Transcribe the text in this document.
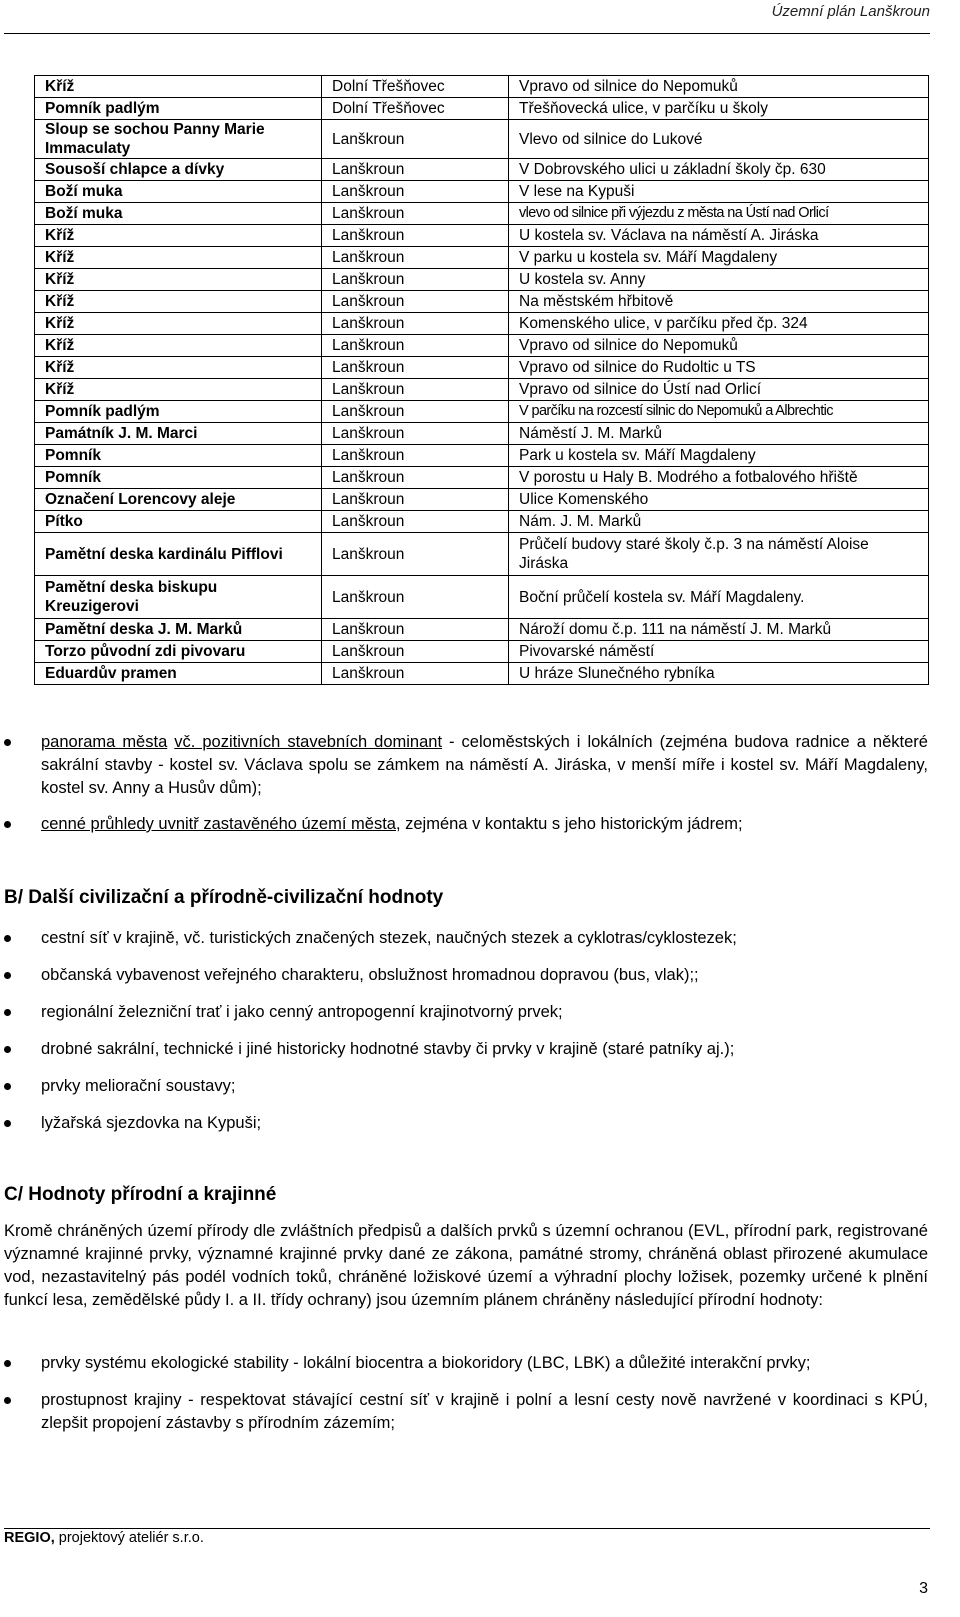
Územní plán Lanškroun
Kříž	Dolní Třešňovec	Vpravo od silnice do Nepomuků
Pomník padlým	Dolní Třešňovec	Třešňovecká ulice, v parčíku u školy
Sloup se sochou Panny Marie Immaculaty	Lanškroun	Vlevo od silnice do Lukové
Sousoší chlapce a dívky	Lanškroun	V Dobrovského ulici u základní školy čp. 630
Boží muka	Lanškroun	V lese na Kypuši
Boží muka	Lanškroun	vlevo od silnice při výjezdu z města na Ústí nad Orlicí
Kříž	Lanškroun	U kostela sv. Václava na náměstí A. Jiráska
Kříž	Lanškroun	V parku u kostela sv. Máří Magdaleny
Kříž	Lanškroun	U kostela sv. Anny
Kříž	Lanškroun	Na městském hřbitově
Kříž	Lanškroun	Komenského ulice, v parčíku před čp. 324
Kříž	Lanškroun	Vpravo od silnice do Nepomuků
Kříž	Lanškroun	Vpravo od silnice do Rudoltic u TS
Kříž	Lanškroun	Vpravo od silnice do Ústí nad Orlicí
Pomník padlým	Lanškroun	V parčíku na rozcestí silnic do Nepomuků a Albrechtic
Památník J. M. Marci	Lanškroun	Náměstí J. M. Marků
Pomník	Lanškroun	Park u kostela sv. Máří Magdaleny
Pomník	Lanškroun	V porostu u Haly B. Modrého a fotbalového hřiště
Označení Lorencovy aleje	Lanškroun	Ulice Komenského
Pítko	Lanškroun	Nám. J. M. Marků
Pamětní deska kardinálu Pifflovi	Lanškroun	Průčelí budovy staré školy č.p. 3 na náměstí Aloise Jiráska
Pamětní deska biskupu Kreuzigerovi	Lanškroun	Boční průčelí kostela sv. Máří Magdaleny.
Pamětní deska J. M. Marků	Lanškroun	Nároží domu č.p. 111 na náměstí J. M. Marků
Torzo původní zdi pivovaru	Lanškroun	Pivovarské náměstí
Eduardův pramen	Lanškroun	U hráze Slunečného rybníka
panorama města vč. pozitivních stavebních dominant - celoměstských i lokálních (zejména budova radnice a některé sakrální stavby - kostel sv. Václava spolu se zámkem na náměstí A. Jiráska, v menší míře i kostel sv. Máří Magdaleny, kostel sv. Anny a Husův dům);
cenné průhledy uvnitř zastavěného území města, zejména v kontaktu s jeho historickým jádrem;
B/ Další civilizační a přírodně-civilizační hodnoty
cestní síť v krajině, vč. turistických značených stezek, naučných stezek a cyklotras/cyklostezek;
občanská vybavenost veřejného charakteru, obslužnost hromadnou dopravou (bus, vlak);;
regionální železniční trať i jako cenný antropogenní krajinotvorný prvek;
drobné sakrální, technické i jiné historicky hodnotné stavby či prvky v krajině (staré patníky aj.);
prvky meliorační soustavy;
lyžařská sjezdovka na Kypuši;
C/ Hodnoty přírodní a krajinné

Kromě chráněných území přírody dle zvláštních předpisů a dalších prvků s územní ochranou (EVL, přírodní park, registrované významné krajinné prvky, významné krajinné prvky dané ze zákona, památné stromy, chráněná oblast přirozené akumulace vod, nezastavitelný pás podél vodních toků, chráněné ložiskové území a výhradní plochy ložisek, pozemky určené k plnění funkcí lesa, zemědělské půdy I. a II. třídy ochrany) jsou územním plánem chráněny následující přírodní hodnoty:

prvky systému ekologické stability - lokální biocentra a biokoridory (LBC, LBK) a důležité interakční prvky;
prostupnost krajiny - respektovat stávající cestní síť v krajině i polní a lesní cesty nově navržené v koordinaci s KPÚ, zlepšit propojení zástavby s přírodním zázemím;
REGIO, projektový ateliér s.r.o.
3
